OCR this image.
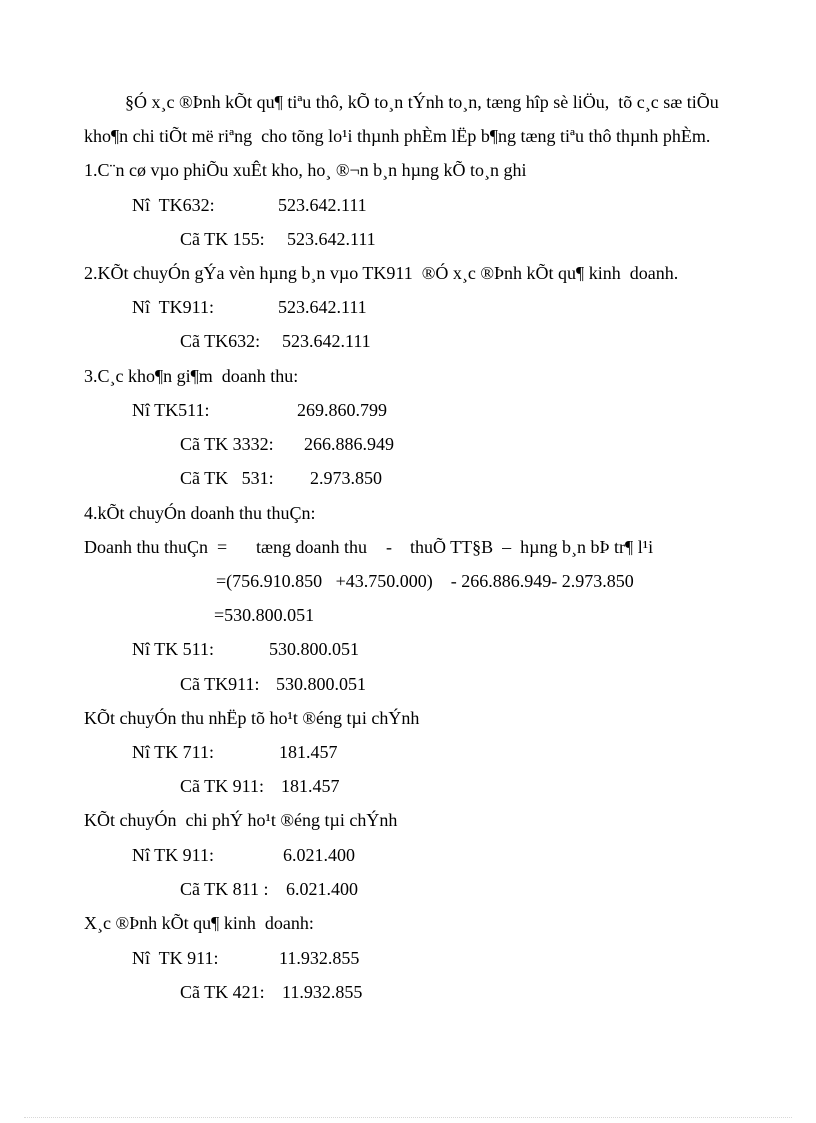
§Ó x¸c ®Þnh kÕt qu¶ tiªu thô, kÕ to¸n tÝnh to¸n, tæng hîp sè liÖu,  tõ c¸c sæ tiÕu
kho¶n chi tiÕt më riªng  cho tõng lo¹i thµnh phÈm lËp b¶ng tæng tiªu thô thµnh phÈm.
1.C¨n cø vµo phiÕu xuÊt kho, ho¸ ®¬n b¸n hµng kÕ to¸n ghi
Nî  TK632:	523.642.111
Cã TK 155: 523.642.111
2.KÕt chuyÓn gÝa vèn hµng b¸n vµo TK911  ®Ó x¸c ®Þnh kÕt qu¶ kinh  doanh.
Nî  TK911:	523.642.111
Cã TK632: 523.642.111
3.C¸c kho¶n gi¶m  doanh thu:
Nî TK511:	269.860.799
Cã TK 3332: 266.886.949
Cã TK   531: 2.973.850
4.kÕt chuyÓn doanh thu thuÇn:
Doanh thu thuÇn  = tæng doanh thu - thuÕ TT§B  –  hµng b¸n bÞ tr¶ l¹i
=(756.910.850   +43.750.000)    - 266.886.949- 2.973.850
=530.800.051
Nî TK 511:	530.800.051
Cã TK911: 530.800.051
KÕt chuyÓn thu nhËp tõ ho¹t ®éng tµi chÝnh
Nî TK 711:	181.457
Cã TK 911: 181.457
KÕt chuyÓn  chi phÝ ho¹t ®éng tµi chÝnh
Nî TK 911:	6.021.400
Cã TK 811 : 6.021.400
X¸c ®Þnh kÕt qu¶ kinh  doanh:
Nî  TK 911:	11.932.855
Cã TK 421: 11.932.855
